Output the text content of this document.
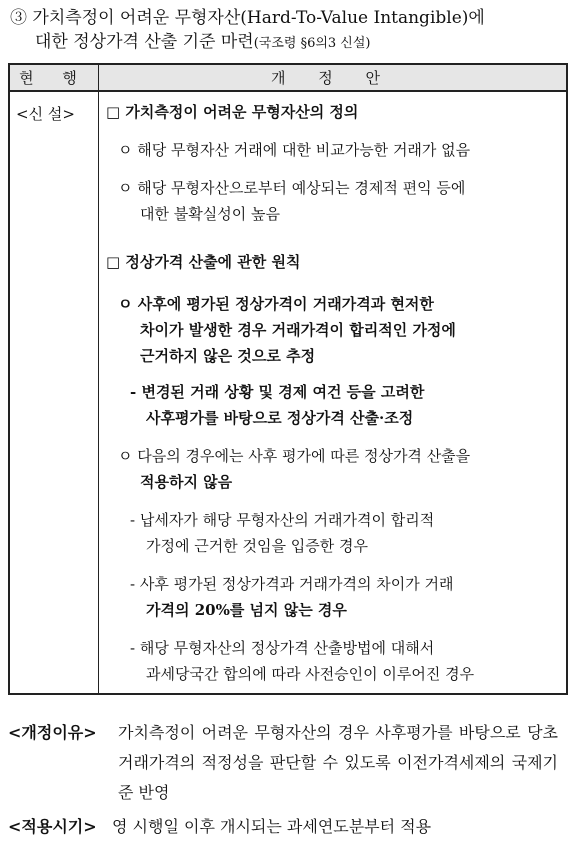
③ 가치측정이 어려운 무형자산(Hard-To-Value Intangible)에
대한 정상가격 산출 기준 마련(국조령 §6의3 신설)
현 행	개 정 안
<신 설> □ 가치측정이 어려운 무형자산의 정의
ㅇ 해당 무형자산 거래에 대한 비교가능한 거래가 없음
ㅇ 해당 무형자산으로부터 예상되는 경제적 편익 등에
대한 불확실성이 높음
□ 정상가격 산출에 관한 원칙
ㅇ 사후에 평가된 정상가격이 거래가격과 현저한
차이가 발생한 경우 거래가격이 합리적인 가정에
근거하지 않은 것으로 추정
- 변경된 거래 상황 및 경제 여건 등을 고려한
사후평가를 바탕으로 정상가격 산출·조정
ㅇ 다음의 경우에는 사후 평가에 따른 정상가격 산출을
적용하지 않음
- 납세자가 해당 무형자산의 거래가격이 합리적
가정에 근거한 것임을 입증한 경우
- 사후 평가된 정상가격과 거래가격의 차이가 거래
가격의 20%를 넘지 않는 경우
- 해당 무형자산의 정상가격 산출방법에 대해서
과세당국간 합의에 따라 사전승인이 이루어진 경우
<개정이유> 가치측정이 어려운 무형자산의 경우 사후평가를 바탕으로 당초 거래가격의 적정성을 판단할 수 있도록 이전가격세제의 국제기준 반영
<적용시기> 영 시행일 이후 개시되는 과세연도분부터 적용
